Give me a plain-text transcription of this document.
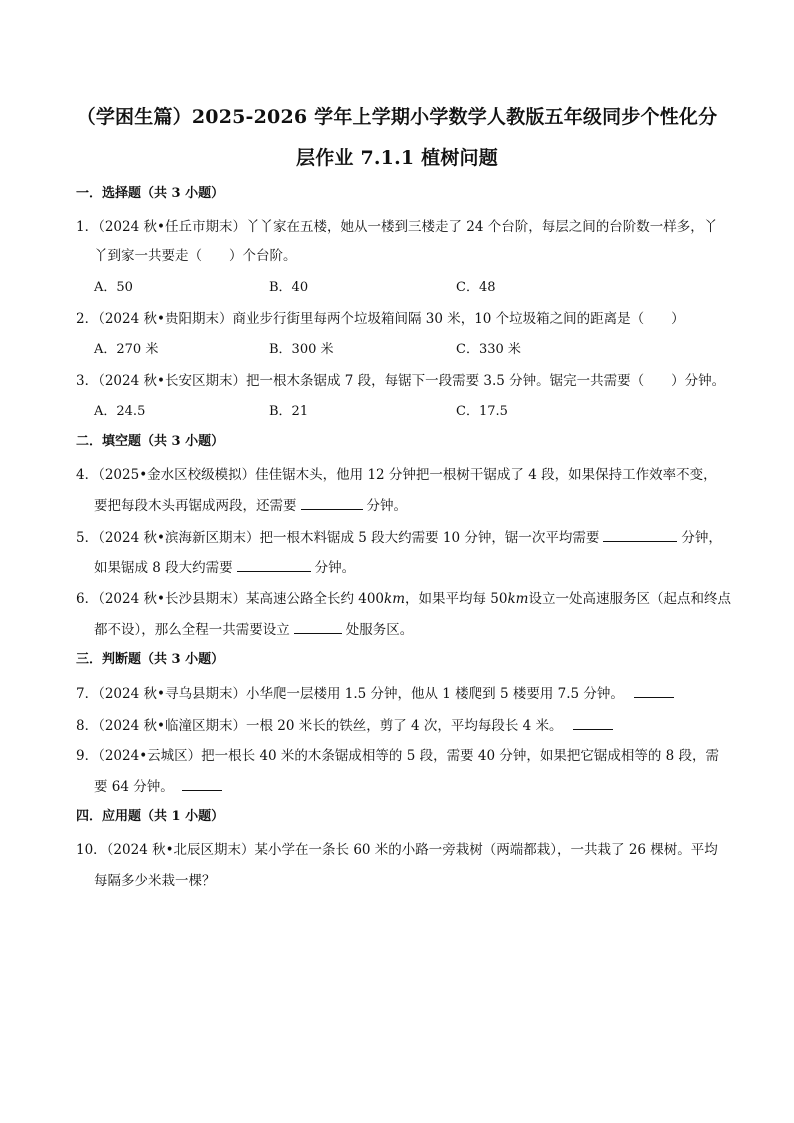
（学困生篇）2025-2026 学年上学期小学数学人教版五年级同步个性化分
层作业 7.1.1 植树问题
一．选择题（共 3 小题）
1．（2024 秋•任丘市期末）丫丫家在五楼，她从一楼到三楼走了 24 个台阶，每层之间的台阶数一样多，丫
丫到家一共要走（　　）个台阶。
A．50	B．40	C．48
2．（2024 秋•贵阳期末）商业步行街里每两个垃圾箱间隔 30 米，10 个垃圾箱之间的距离是（　　）
A．270 米	B．300 米	C．330 米
3．（2024 秋•长安区期末）把一根木条锯成 7 段，每锯下一段需要 3.5 分钟。锯完一共需要（　　）分钟。
A．24.5	B．21	C．17.5
二．填空题（共 3 小题）
4．（2025•金水区校级模拟）佳佳锯木头，他用 12 分钟把一根树干锯成了 4 段，如果保持工作效率不变，
要把每段木头再锯成两段，还需要	分钟。
5．（2024 秋•滨海新区期末）把一根木料锯成 5 段大约需要 10 分钟，锯一次平均需要	分钟，
如果锯成 8 段大约需要	分钟。
6．（2024 秋•长沙县期末）某高速公路全长约 400km，如果平均每 50km设立一处高速服务区（起点和终点
都不设），那么全程一共需要设立	处服务区。
三．判断题（共 3 小题）
7．（2024 秋•寻乌县期末）小华爬一层楼用 1.5 分钟，他从 1 楼爬到 5 楼要用 7.5 分钟。
8．（2024 秋•临潼区期末）一根 20 米长的铁丝，剪了 4 次，平均每段长 4 米。
9．（2024•云城区）把一根长 40 米的木条锯成相等的 5 段，需要 40 分钟，如果把它锯成相等的 8 段，需
要 64 分钟。
四．应用题（共 1 小题）
10．（2024 秋•北辰区期末）某小学在一条长 60 米的小路一旁栽树（两端都栽），一共栽了 26 棵树。平均
每隔多少米栽一棵？
